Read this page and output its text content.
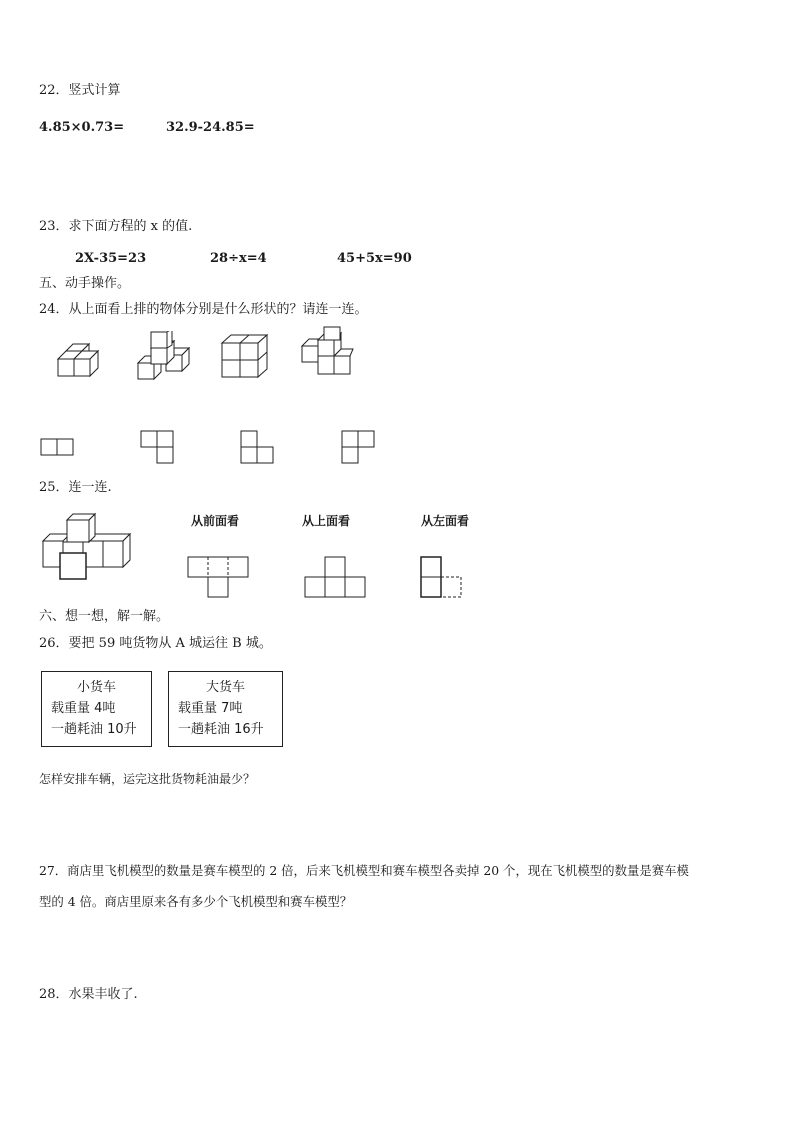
22．竖式计算
4.85×0.73=	32.9-24.85=
23．求下面方程的 x 的值.
2X-35=23	28÷x=4	45+5x=90
五、动手操作。
24．从上面看上排的物体分别是什么形状的？请连一连。
25．连一连.
从前面看	从上面看	从左面看
六、想一想，解一解。
26．要把 59 吨货物从 A 城运往 B 城。
小货车
载重量 4吨
一趟耗油 10升
大货车
载重量 7吨
一趟耗油 16升
怎样安排车辆，运完这批货物耗油最少？
27．商店里飞机模型的数量是赛车模型的 2 倍，后来飞机模型和赛车模型各卖掉 20 个，现在飞机模型的数量是赛车模
型的 4 倍。商店里原来各有多少个飞机模型和赛车模型？
28．水果丰收了.
